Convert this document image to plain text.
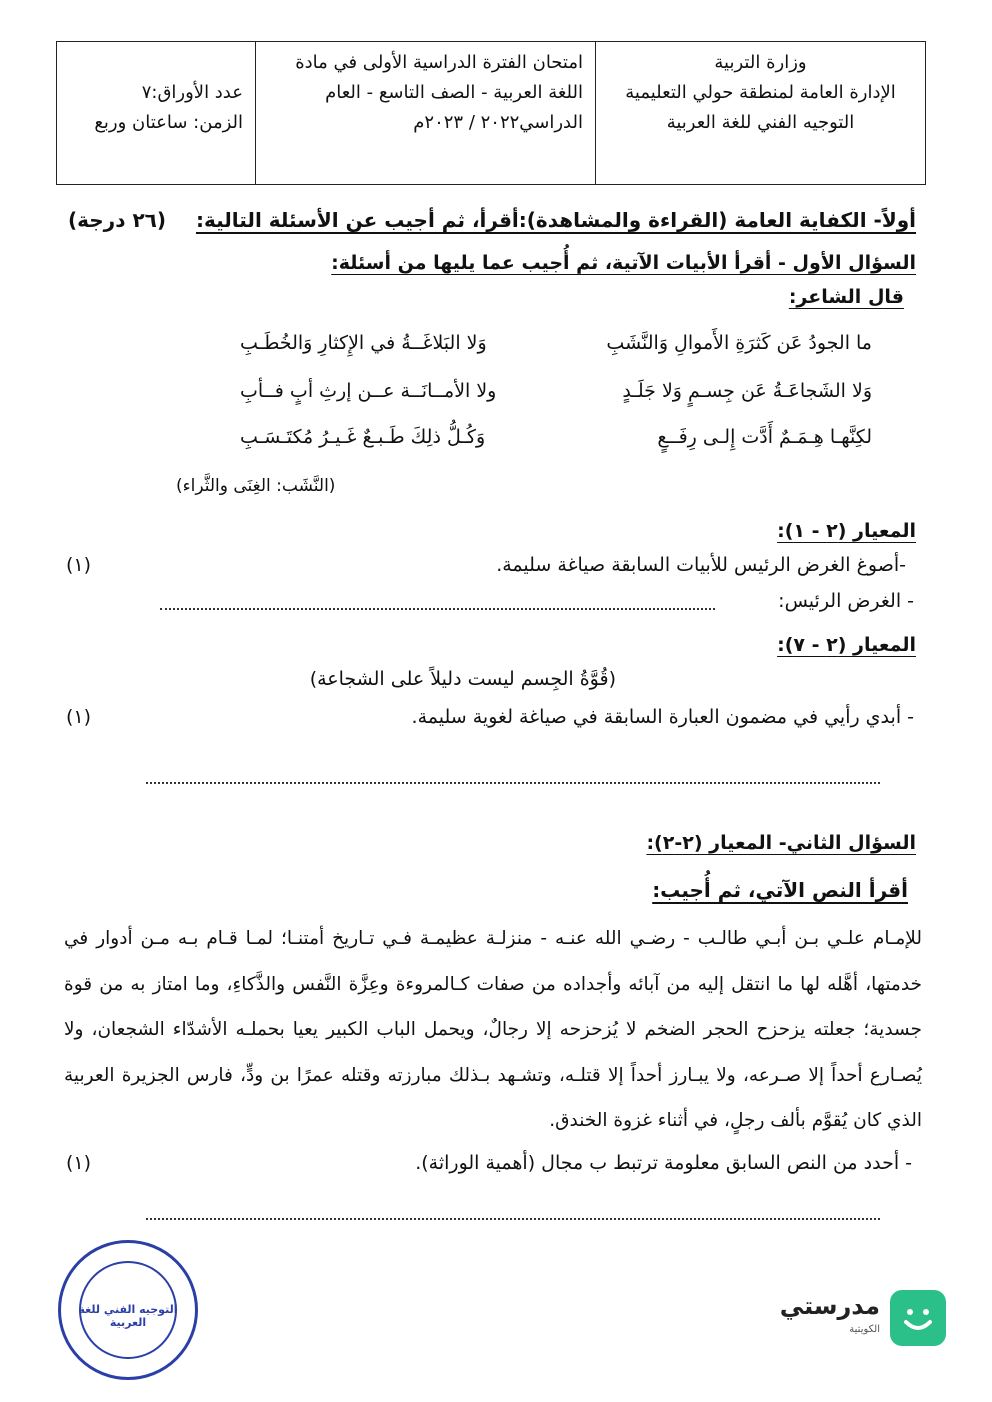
وزارة التربية
الإدارة العامة لمنطقة حولي التعليمية
التوجيه الفني للغة العربية
امتحان الفترة الدراسية الأولى في مادة
اللغة العربية - الصف التاسع - العام
الدراسي٢٠٢٢ / ٢٠٢٣م
عدد الأوراق:٧
الزمن: ساعتان وربع
أولاً- الكفاية العامة (القراءة والمشاهدة):أقرأ، ثم أجيب عن الأسئلة التالية:
(٢٦ درجة)
السؤال الأول - أقرأ الأبيات الآتية، ثم أُجيب عما يليها من أسئلة:
قال الشاعر:
ما الجودُ عَن كَثرَةِ الأَموالِ وَالنَّشَبِ
وَلا البَلاغَــةُ في الإِكثارِ وَالخُطَـبِ
وَلا الشَجاعَـةُ عَن جِسـمٍ وَلا جَلَـدٍ
ولا الأمــانَــة عــن إرثِ أبٍ فــأبِ
لكِنَّهـا هِـمَـمٌ أَدَّت إِلـى رِفَــعٍ
وَكُـلُّ ذلِكَ طَـبـعٌ غَـيـرُ مُكتَـسَـبِ
(النَّشَب: الغِنَى والثَّراء)
المعيار (٢ - ١):
-أصوغ الغرض الرئيس للأبيات السابقة صياغة سليمة.
(١)
- الغرض الرئيس:
المعيار (٢ - ٧):
(قُوَّةُ الجِسم ليست دليلاً على الشجاعة)
- أبدي رأيي في مضمون العبارة السابقة في صياغة لغوية سليمة.
(١)
السؤال الثاني- المعيار (٢-٢):
أقرأ النص الآتي، ثم أُجيب:
للإمـام علـي بـن أبـي طالـب - رضـي الله عنـه - منزلـة عظيمـة فـي تـاريخ أمتنـا؛ لمـا قـام بـه مـن أدوار في خدمتها، أهَّله لها ما انتقل إليه من آبائه وأجداده من صفات كـالمروءة وعِزَّة النَّفس والذَّكاءِ، وما امتاز به من قوة جسدية؛ جعلته يزحزح الحجر الضخم لا يُزحزحه إلا رجالٌ، ويحمل الباب الكبير يعيا بحملـه الأشدّاء الشجعان، ولا يُصـارع أحداً إلا صـرعه، ولا يبـارز أحداً إلا قتلـه، وتشـهد بـذلك مبارزته وقتله عمرًا بن ودٍّ، فارس الجزيرة العربية الذي كان يُقوَّم بألف رجلٍ، في أثناء غزوة الخندق.
- أحدد من النص السابق معلومة ترتبط ب مجال (أهمية الوراثة).
(١)
التوجيه الفني للغة العربية
مدرستي
الكويتية
